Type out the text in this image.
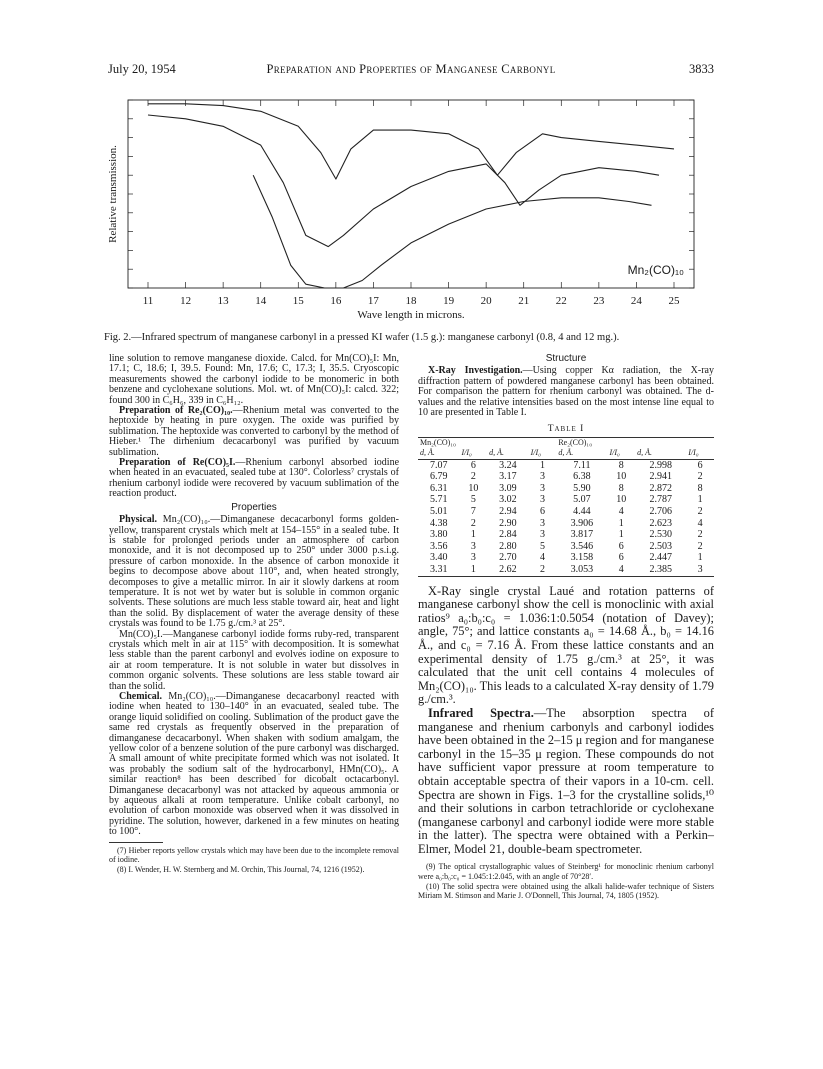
July 20, 1954	Preparation and Properties of Manganese Carbonyl	3833
11 12 13 14 15 16 17 18 19 20 21 22 23 24 25
Wave length in microns.
Relative transmission.
Mn₂(CO)₁₀
Fig. 2.—Infrared spectrum of manganese carbonyl in a pressed KI wafer (1.5 g.): manganese carbonyl (0.8, 4 and 12 mg.).

line solution to remove manganese dioxide. Calcd. for Mn(CO)₅I: Mn, 17.1; C, 18.6; I, 39.5. Found: Mn, 17.6; C, 17.3; I, 35.5. Cryoscopic measurements showed the carbonyl iodide to be monomeric in both benzene and cyclohexane solutions. Mol. wt. of Mn(CO)₅I: calcd. 322; found 300 in C₆H₆, 339 in C₆H₁₂.

Preparation of Re₂(CO)₁₀.—Rhenium metal was converted to the heptoxide by heating in pure oxygen. The oxide was purified by sublimation. The heptoxide was converted to carbonyl by the method of Hieber.¹ The dirhenium decacarbonyl was purified by vacuum sublimation.

Preparation of Re(CO)₅I.—Rhenium carbonyl absorbed iodine when heated in an evacuated, sealed tube at 130°. Colorless⁷ crystals of rhenium carbonyl iodide were recovered by vacuum sublimation of the reaction product.

Properties

Physical. Mn₂(CO)₁₀.—Dimanganese decacarbonyl forms golden-yellow, transparent crystals which melt at 154–155° in a sealed tube. It is stable for prolonged periods under an atmosphere of carbon monoxide, and it is not decomposed up to 250° under 3000 p.s.i.g. pressure of carbon monoxide. In the absence of carbon monoxide it begins to decompose above about 110°, and, when heated strongly, decomposes to give a metallic mirror. In air it slowly darkens at room temperature. It is not wet by water but is soluble in common organic solvents. These solutions are much less stable toward air, heat and light than the solid. By displacement of water the average density of these crystals was found to be 1.75 g./cm.³ at 25°.

Mn(CO)₅I.—Manganese carbonyl iodide forms ruby-red, transparent crystals which melt in air at 115° with decomposition. It is somewhat less stable than the parent carbonyl and evolves iodine on exposure to air at room temperature. It is not soluble in water but dissolves in common organic solvents. These solutions are less stable toward air than the solid.

Chemical. Mn₂(CO)₁₀.—Dimanganese decacarbonyl reacted with iodine when heated to 130–140° in an evacuated, sealed tube. The orange liquid solidified on cooling. Sublimation of the product gave the same red crystals as frequently observed in the preparation of dimanganese decacarbonyl. When shaken with sodium amalgam, the yellow color of a benzene solution of the pure carbonyl was discharged. A small amount of white precipitate formed which was not isolated. It was probably the sodium salt of the hydrocarbonyl, HMn(CO)₅. A similar reaction⁸ has been described for dicobalt octacarbonyl. Dimanganese decacarbonyl was not attacked by aqueous ammonia or by aqueous alkali at room temperature. Unlike cobalt carbonyl, no evolution of carbon monoxide was observed when it was dissolved in pyridine. The solution, however, darkened in a few minutes on heating to 100°.

(7) Hieber reports yellow crystals which may have been due to the incomplete removal of iodine.

(8) I. Wender, H. W. Sternberg and M. Orchin, This Journal, 74, 1216 (1952).

Structure

X-Ray Investigation.—Using copper Kα radiation, the X-ray diffraction pattern of powdered manganese carbonyl has been obtained. For comparison the pattern for rhenium carbonyl was obtained. The d-values and the relative intensities based on the most intense line equal to 10 are presented in Table I.

Table I
Mn₂(CO)₁₀				Re₂(CO)₁₀			
d, Å.	I/I₀	d, Å.	I/I₀	d, Å.	I/I₀	d, Å.	I/I₀
7.07	6	3.24	1	7.11	8	2.998	6
6.79	2	3.17	3	6.38	10	2.941	2
6.31	10	3.09	3	5.90	8	2.872	8
5.71	5	3.02	3	5.07	10	2.787	1
5.01	7	2.94	6	4.44	4	2.706	2
4.38	2	2.90	3	3.906	1	2.623	4
3.80	1	2.84	3	3.817	1	2.530	2
3.56	3	2.80	5	3.546	6	2.503	2
3.40	3	2.70	4	3.158	6	2.447	1
3.31	1	2.62	2	3.053	4	2.385	3

X-Ray single crystal Laué and rotation patterns of manganese carbonyl show the cell is monoclinic with axial ratios⁹ a₀:b₀:c₀ = 1.036:1:0.5054 (notation of Davey); angle, 75°; and lattice constants a₀ = 14.68 Å., b₀ = 14.16 Å., and c₀ = 7.16 Å. From these lattice constants and an experimental density of 1.75 g./cm.³ at 25°, it was calculated that the unit cell contains 4 molecules of Mn₂(CO)₁₀. This leads to a calculated X-ray density of 1.79 g./cm.³.

Infrared Spectra.—The absorption spectra of manganese and rhenium carbonyls and carbonyl iodides have been obtained in the 2–15 μ region and for manganese carbonyl in the 15–35 μ region. These compounds do not have sufficient vapor pressure at room temperature to obtain acceptable spectra of their vapors in a 10-cm. cell. Spectra are shown in Figs. 1–3 for the crystalline solids,¹⁰ and their solutions in carbon tetrachloride or cyclohexane (manganese carbonyl and carbonyl iodide were more stable in the latter). The spectra were obtained with a Perkin–Elmer, Model 21, double-beam spectrometer.

(9) The optical crystallographic values of Steinberg¹ for monoclinic rhenium carbonyl were a₀:b₀:c₀ = 1.045:1:2.045, with an angle of 70°28′.

(10) The solid spectra were obtained using the alkali halide-wafer technique of Sisters Miriam M. Stimson and Marie J. O'Donnell, This Journal, 74, 1805 (1952).
